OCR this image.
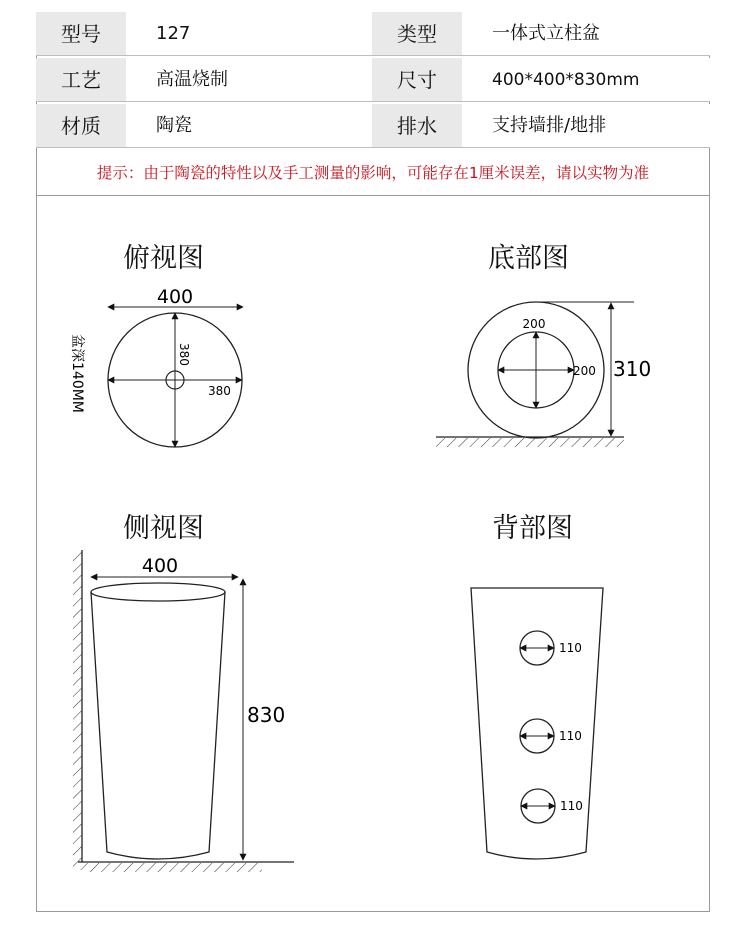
型号	127	类型	一体式立柱盆
工艺	高温烧制	尺寸	400*400*830mm
材质	陶瓷	排水	支持墙排/地排
提示：由于陶瓷的特性以及手工测量的影响，可能存在1厘米误差，请以实物为准
俯视图	底部图
侧视图	背部图
400
380
380
盆深140MM
200
200 310
400
830
110
110
110
